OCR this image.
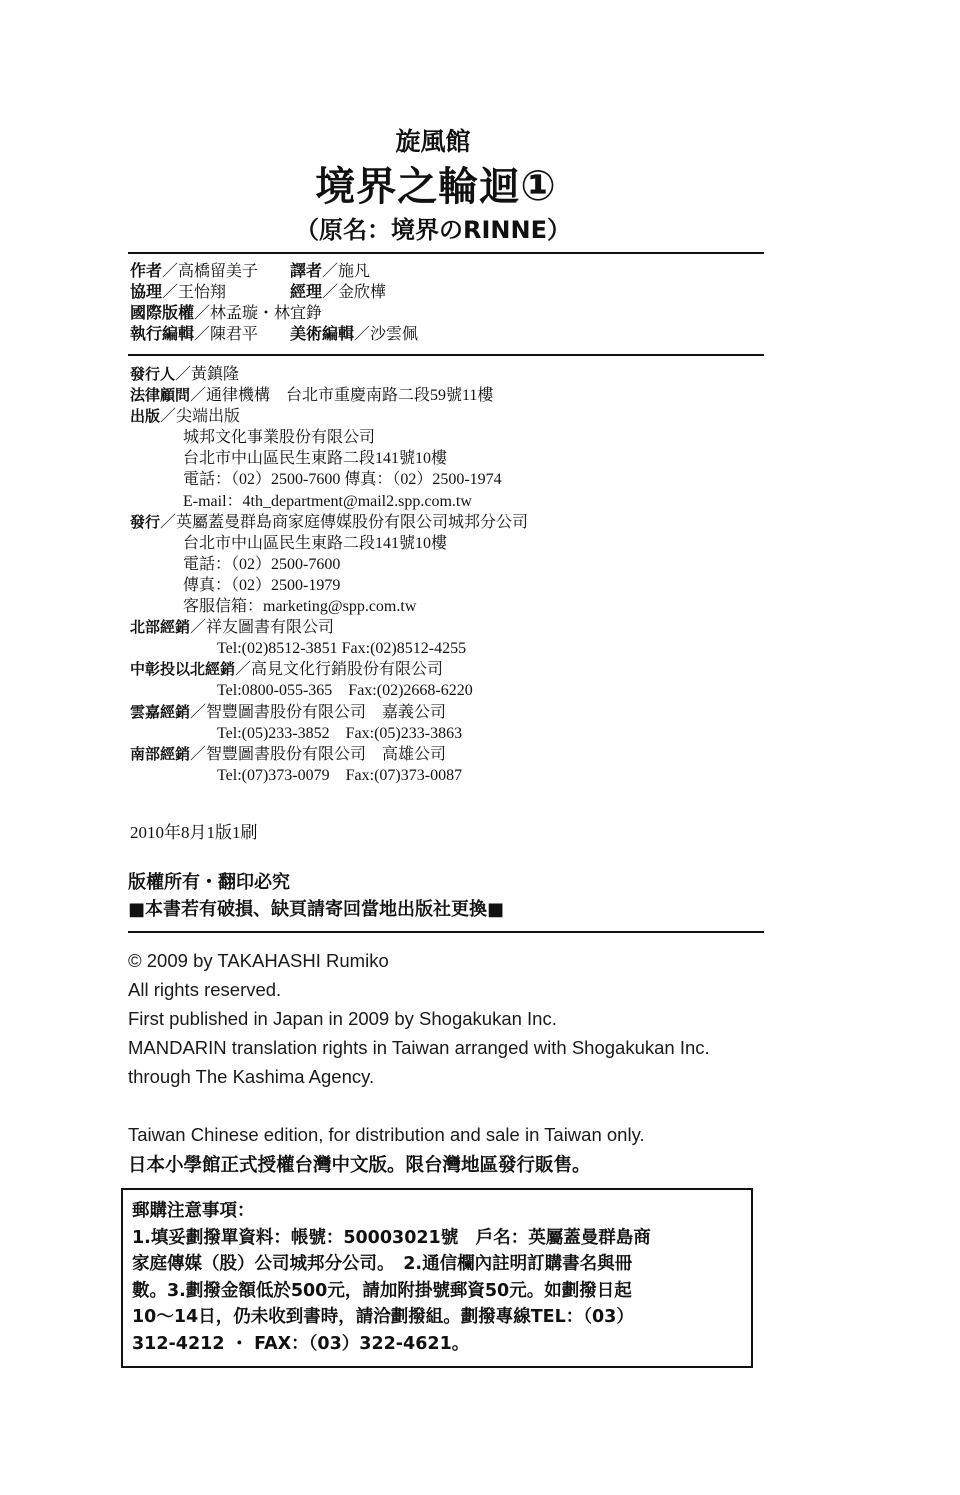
旋風館
境界之輪迴①
（原名：境界のRINNE）
作者／高橋留美子 譯者／施凡
協理／王怡翔	經理／金欣樺
國際版權／林孟璇・林宜錚
執行編輯／陳君平 美術編輯／沙雲佩
發行人／黃鎮隆
法律顧問／通律機構　台北市重慶南路二段59號11樓
出版／尖端出版
城邦文化事業股份有限公司
台北市中山區民生東路二段141號10樓
電話：（02）2500-7600 傳真：（02）2500-1974
E-mail：4th_department@mail2.spp.com.tw
發行／英屬蓋曼群島商家庭傳媒股份有限公司城邦分公司
台北市中山區民生東路二段141號10樓
電話：（02）2500-7600
傳真：（02）2500-1979
客服信箱：marketing@spp.com.tw
北部經銷／祥友圖書有限公司
Tel:(02)8512-3851 Fax:(02)8512-4255
中彰投以北經銷／高見文化行銷股份有限公司
Tel:0800-055-365　Fax:(02)2668-6220
雲嘉經銷／智豐圖書股份有限公司　嘉義公司
Tel:(05)233-3852　Fax:(05)233-3863
南部經銷／智豐圖書股份有限公司　高雄公司
Tel:(07)373-0079　Fax:(07)373-0087
2010年8月1版1刷
版權所有・翻印必究
■本書若有破損、缺頁請寄回當地出版社更換■
© 2009 by TAKAHASHI Rumiko
All rights reserved.
First published in Japan in 2009 by Shogakukan Inc.
MANDARIN translation rights in Taiwan arranged with Shogakukan Inc.
through The Kashima Agency.
Taiwan Chinese edition, for distribution and sale in Taiwan only.
日本小學館正式授權台灣中文版。限台灣地區發行販售。
郵購注意事項：
1.填妥劃撥單資料：帳號：50003021號　戶名：英屬蓋曼群島商
家庭傳媒（股）公司城邦分公司。　2.通信欄內註明訂購書名與冊
數。3.劃撥金額低於500元，請加附掛號郵資50元。如劃撥日起
10～14日，仍未收到書時，請洽劃撥組。劃撥專線TEL：（03）
312-4212 ・ FAX：（03）322-4621。
